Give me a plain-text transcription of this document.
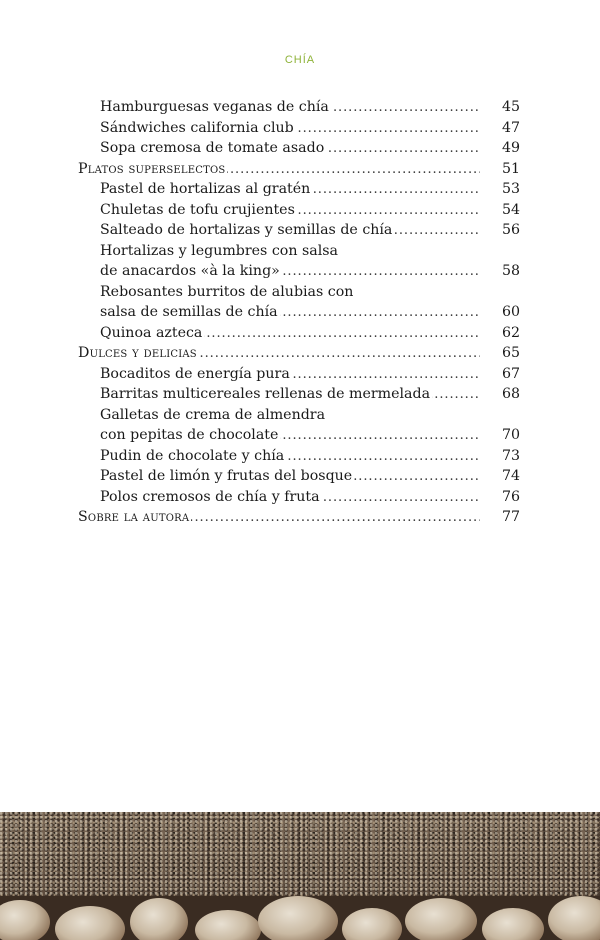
CHÍA
. . .
Hamburguesas veganas de chía	45
. . .
Sándwiches california club	47
. . .
Sopa cremosa de tomate asado	49
. . .
Platos superselectos	51
. . .
Pastel de hortalizas al gratén	53
. . .
Chuletas de tofu crujientes	54
. . .
Salteado de hortalizas y semillas de chía	56
Hortalizas y legumbres con salsa
. . .
de anacardos «à la king»	58
Rebosantes burritos de alubias con
. . .
salsa de semillas de chía	60
. . .
Quinoa azteca	62
. . .
Dulces y delicias	65
. . .
Bocaditos de energía pura	67
. . .
Barritas multicereales rellenas de mermelada	68
Galletas de crema de almendra
. . .
con pepitas de chocolate	70
. . .
Pudin de chocolate y chía	73
. . .
Pastel de limón y frutas del bosque	74
. . .
Polos cremosos de chía y fruta	76
. . .
Sobre la autora	77
